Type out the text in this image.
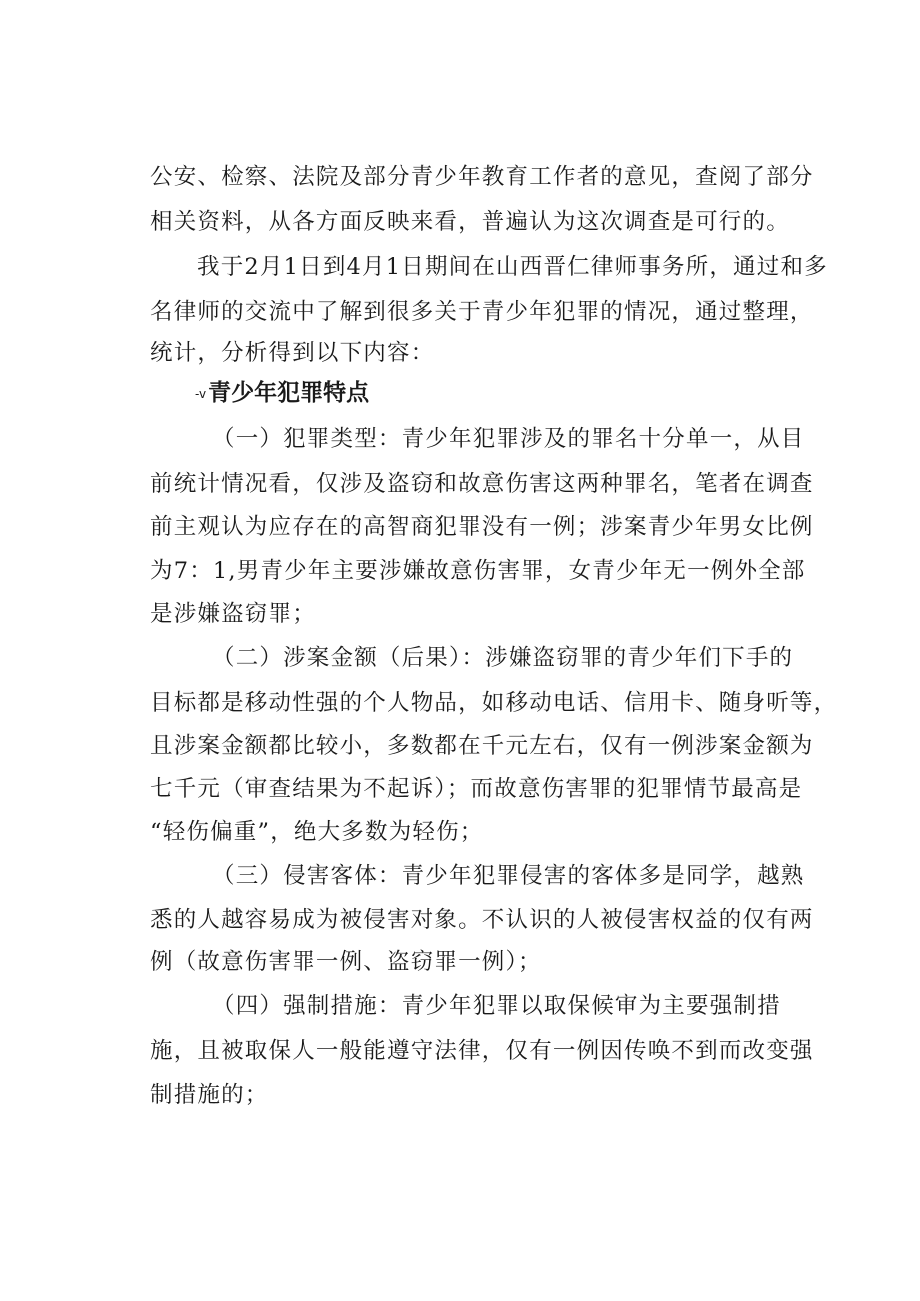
公安、检察、法院及部分青少年教育工作者的意见，查阅了部分
相关资料，从各方面反映来看，普遍认为这次调查是可行的。
我于2月1日到4月1日期间在山西晋仁律师事务所，通过和多
名律师的交流中了解到很多关于青少年犯罪的情况，通过整理，
统计，分析得到以下内容：
-v青少年犯罪特点
（一）犯罪类型：青少年犯罪涉及的罪名十分单一，从目
前统计情况看，仅涉及盗窃和故意伤害这两种罪名，笔者在调查
前主观认为应存在的高智商犯罪没有一例；涉案青少年男女比例
为7：1,男青少年主要涉嫌故意伤害罪，女青少年无一例外全部
是涉嫌盗窃罪；
（二）涉案金额（后果）：涉嫌盗窃罪的青少年们下手的
目标都是移动性强的个人物品，如移动电话、信用卡、随身听等，
且涉案金额都比较小，多数都在千元左右，仅有一例涉案金额为
七千元（审查结果为不起诉）；而故意伤害罪的犯罪情节最高是
“轻伤偏重”，绝大多数为轻伤；
（三）侵害客体：青少年犯罪侵害的客体多是同学，越熟
悉的人越容易成为被侵害对象。不认识的人被侵害权益的仅有两
例（故意伤害罪一例、盗窃罪一例）；
（四）强制措施：青少年犯罪以取保候审为主要强制措
施，且被取保人一般能遵守法律，仅有一例因传唤不到而改变强
制措施的；
